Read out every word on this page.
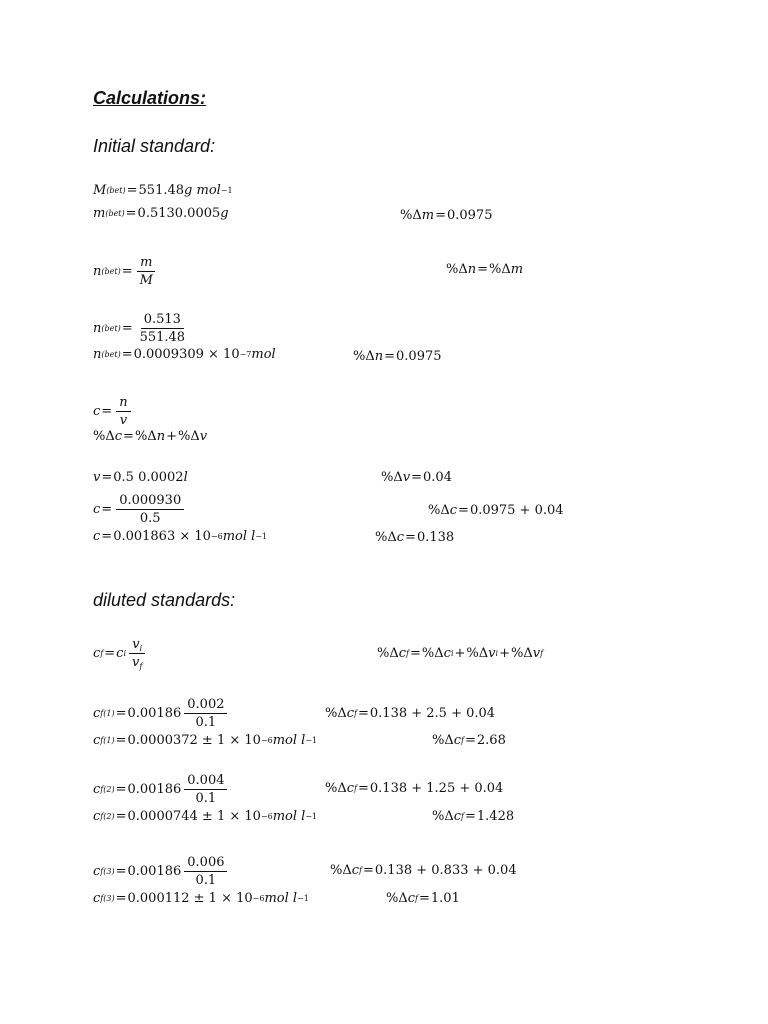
Calculations:
Initial standard:
M (bet) = 551.48 g mol −1
m (bet) = 0.5130.0005 g	%Δ m = 0.0975
n $(bet) = \frac{m}{M}$	%Δ n = %Δ m
n $(bet) = \frac{0.513}{551.48}$
n (bet) = 0.0009309 × 10 −7 mol	%Δ n = 0.0975
$c = \frac{n}{v}$
%Δ c = %Δ n + %Δ v
v = 0.5 0.0002 l	%Δ v = 0.04
$c = \frac{0.000930}{0.5}$	%Δ c = 0.0975 + 0.04
c = 0.001863 × 10 −6 mol l −1	%Δ c = 0.138
diluted standards:
c f = c i $\frac{v_i}{v_f}$	%Δ c f = %Δ c i + %Δ v i + %Δ v f
c f $(1) = 0.00186 \frac{0.002}{0.1}$	%Δ c f = 0.138 + 2.5 + 0.04
c f (1) = 0.0000372 ± 1 × 10 −6 mol l −1	%Δ c f = 2.68
c f $(2) = 0.00186 \frac{0.004}{0.1}$	%Δ c f = 0.138 + 1.25 + 0.04
c f (2) = 0.0000744 ± 1 × 10 −6 mol l −1	%Δ c f = 1.428
c f $(3) = 0.00186 \frac{0.006}{0.1}$	%Δ c f = 0.138 + 0.833 + 0.04
c f (3) = 0.000112 ± 1 × 10 −6 mol l −1	%Δ c f = 1.01
